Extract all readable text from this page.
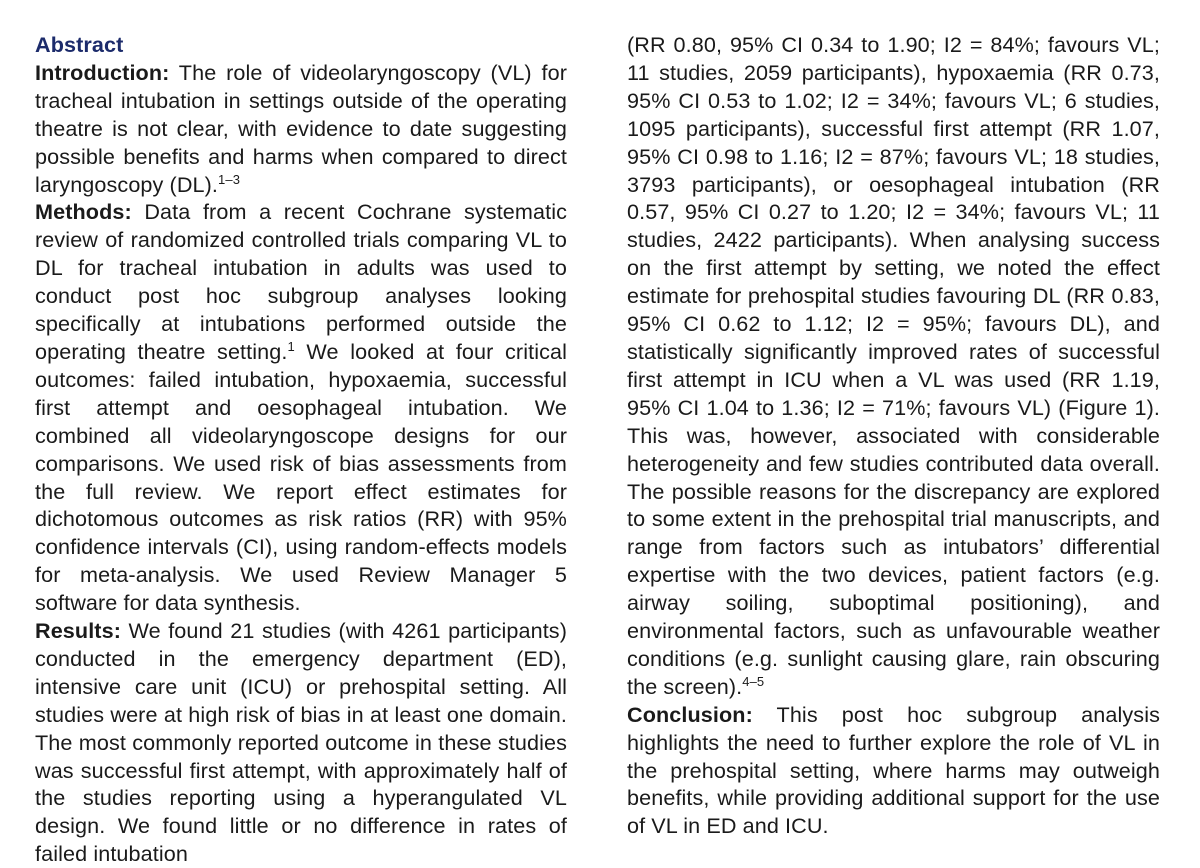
Abstract

Introduction: The role of videolaryngoscopy (VL) for tracheal intubation in settings outside of the operating theatre is not clear, with evidence to date suggesting possible benefits and harms when compared to direct laryngoscopy (DL).$^{1-3}$

Methods: Data from a recent Cochrane systematic review of randomized controlled trials comparing VL to DL for tracheal intubation in adults was used to conduct post hoc subgroup analyses looking specifically at intubations performed outside the operating theatre setting.$^1$ We looked at four critical outcomes: failed intubation, hypoxaemia, successful first attempt and oesophageal intubation. We combined all videolaryngoscope designs for our comparisons. We used risk of bias assessments from the full review. We report effect estimates for dichotomous outcomes as risk ratios (RR) with 95% confidence intervals (CI), using random-effects models for meta-analysis. We used Review Manager 5 software for data synthesis.

Results: We found 21 studies (with 4261 participants) conducted in the emergency department (ED), intensive care unit (ICU) or prehospital setting. All studies were at high risk of bias in at least one domain. The most commonly reported outcome in these studies was successful first attempt, with approximately half of the studies reporting using a hyperangulated VL design. We found little or no difference in rates of failed intubation

(RR 0.80, 95% CI 0.34 to 1.90; I2 = 84%; favours VL; 11 studies, 2059 participants), hypoxaemia (RR 0.73, 95% CI 0.53 to 1.02; I2 = 34%; favours VL; 6 studies, 1095 participants), successful first attempt (RR 1.07, 95% CI 0.98 to 1.16; I2 = 87%; favours VL; 18 studies, 3793 participants), or oesophageal intubation (RR 0.57, 95% CI 0.27 to 1.20; I2 = 34%; favours VL; 11 studies, 2422 participants). When analysing success on the first attempt by setting, we noted the effect estimate for prehospital studies favouring DL (RR 0.83, 95% CI 0.62 to 1.12; I2 = 95%; favours DL), and statistically significantly improved rates of successful first attempt in ICU when a VL was used (RR 1.19, 95% CI 1.04 to 1.36; I2 = 71%; favours VL) (Figure 1). This was, however, associated with considerable heterogeneity and few studies contributed data overall. The possible reasons for the discrepancy are explored to some extent in the prehospital trial manuscripts, and range from factors such as intubators’ differential expertise with the two devices, patient factors (e.g. airway soiling, suboptimal positioning), and environmental factors, such as unfavourable weather conditions (e.g. sunlight causing glare, rain obscuring the screen).$^{4-5}$

Conclusion: This post hoc subgroup analysis highlights the need to further explore the role of VL in the prehospital setting, where harms may outweigh benefits, while providing additional support for the use of VL in ED and ICU.
